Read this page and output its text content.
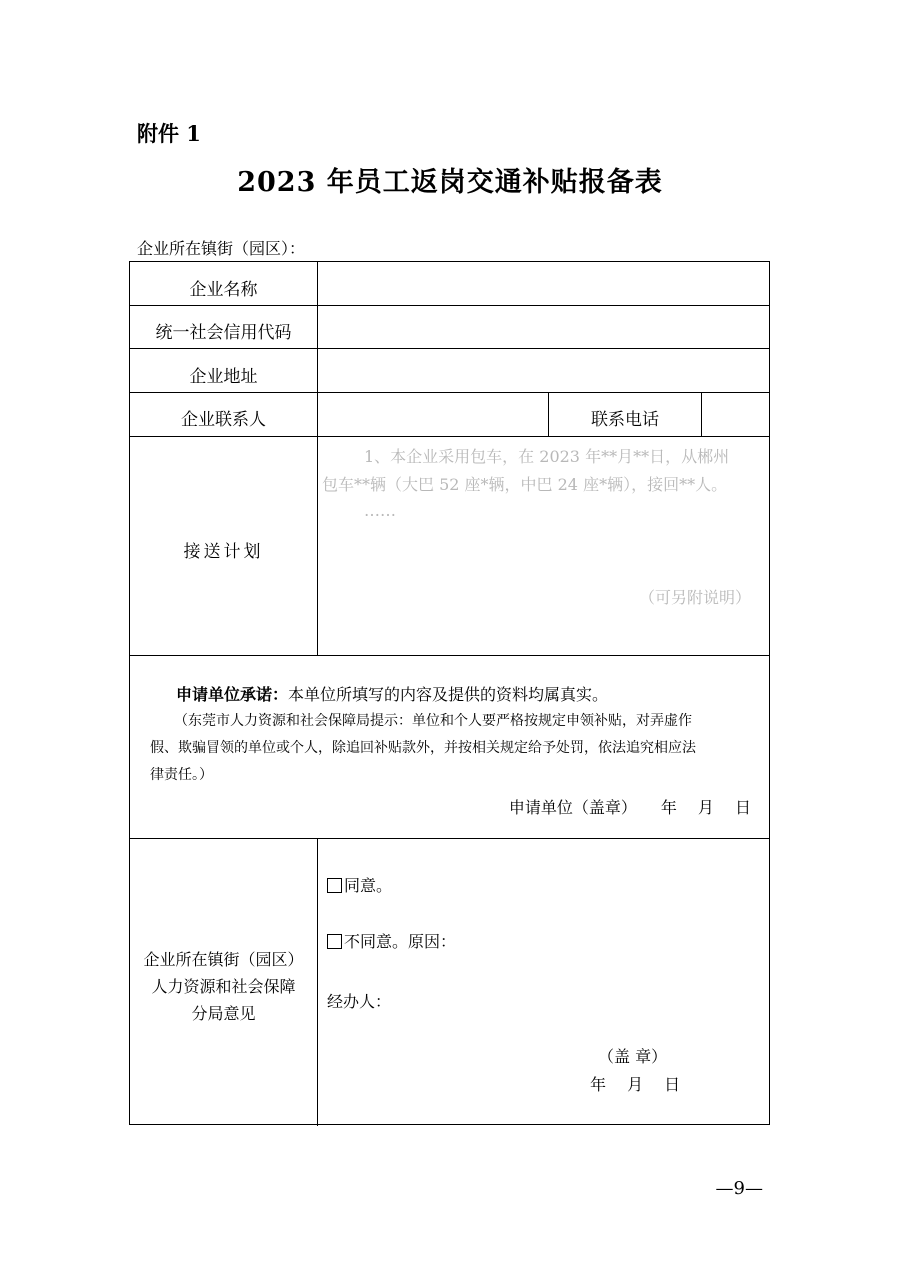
附件 1
2023 年员工返岗交通补贴报备表
企业所在镇街（园区）：
企业名称
统一社会信用代码
企业地址
企业联系人	联系电话
接送计划
1、本企业采用包车，在 2023 年**月**日，从郴州
包车**辆（大巴 52 座*辆，中巴 24 座*辆），接回**人。
……
（可另附说明）
申请单位承诺：本单位所填写的内容及提供的资料均属真实。
（东莞市人力资源和社会保障局提示：单位和个人要严格按规定申领补贴，对弄虚作
假、欺骗冒领的单位或个人，除追回补贴款外，并按相关规定给予处罚，依法追究相应法
律责任。）
申请单位（盖章）　　年　 月　 日
企业所在镇街（园区）
人力资源和社会保障
分局意见
同意。
不同意。原因：
经办人：
（盖 章）
年　 月　 日
—9—
